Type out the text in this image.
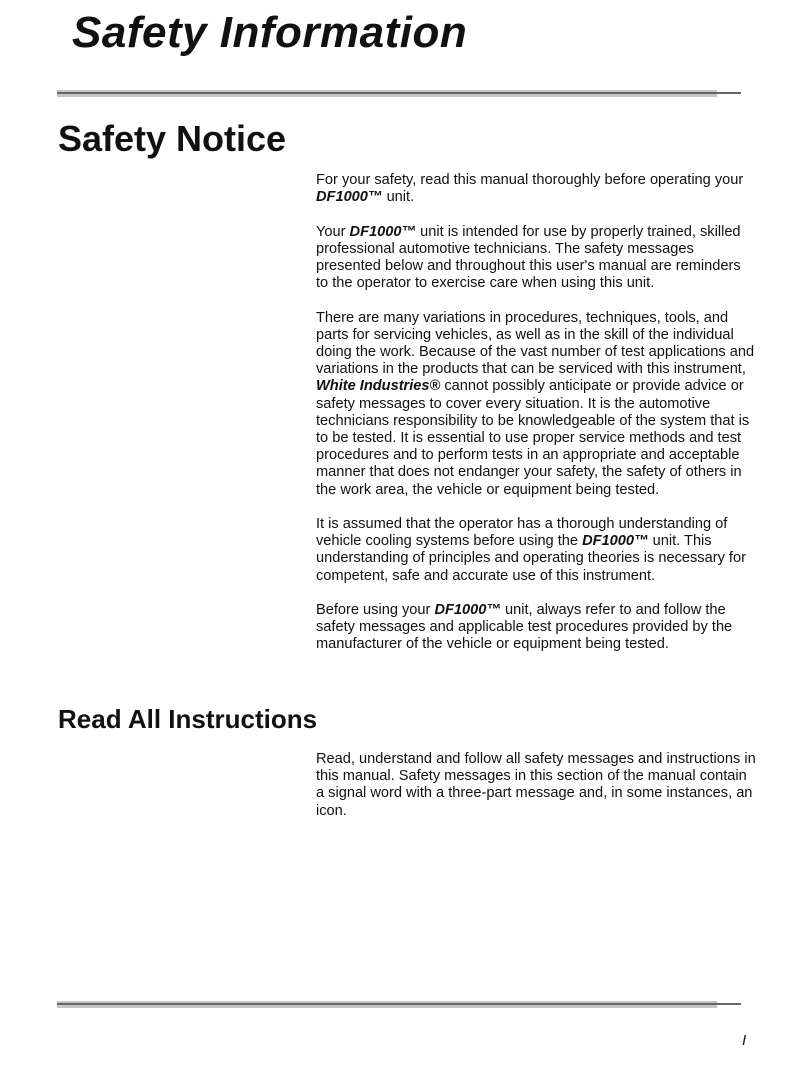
Safety Information
Safety Notice

For your safety, read this manual thoroughly before operating your DF1000™ unit.

Your DF1000™ unit is intended for use by properly trained, skilled professional automotive technicians. The safety messages presented below and throughout this user's manual are reminders to the operator to exercise care when using this unit.

There are many variations in procedures, techniques, tools, and parts for servicing vehicles, as well as in the skill of the individual doing the work. Because of the vast number of test applications and variations in the products that can be serviced with this instrument, White Industries® cannot possibly anticipate or provide advice or safety messages to cover every situation. It is the automotive technicians responsibility to be knowledgeable of the system that is to be tested. It is essential to use proper service methods and test procedures and to perform tests in an appropriate and acceptable manner that does not endanger your safety, the safety of others in the work area, the vehicle or equipment being tested.

It is assumed that the operator has a thorough understanding of vehicle cooling systems before using the DF1000™ unit. This understanding of principles and operating theories is necessary for competent, safe and accurate use of this instrument.

Before using your DF1000™ unit, always refer to and follow the safety messages and applicable test procedures provided by the manufacturer of the vehicle or equipment being tested.

Read All Instructions

Read, understand and follow all safety messages and instructions in this manual. Safety messages in this section of the manual contain a signal word with a three-part message and, in some instances, an icon.

I
